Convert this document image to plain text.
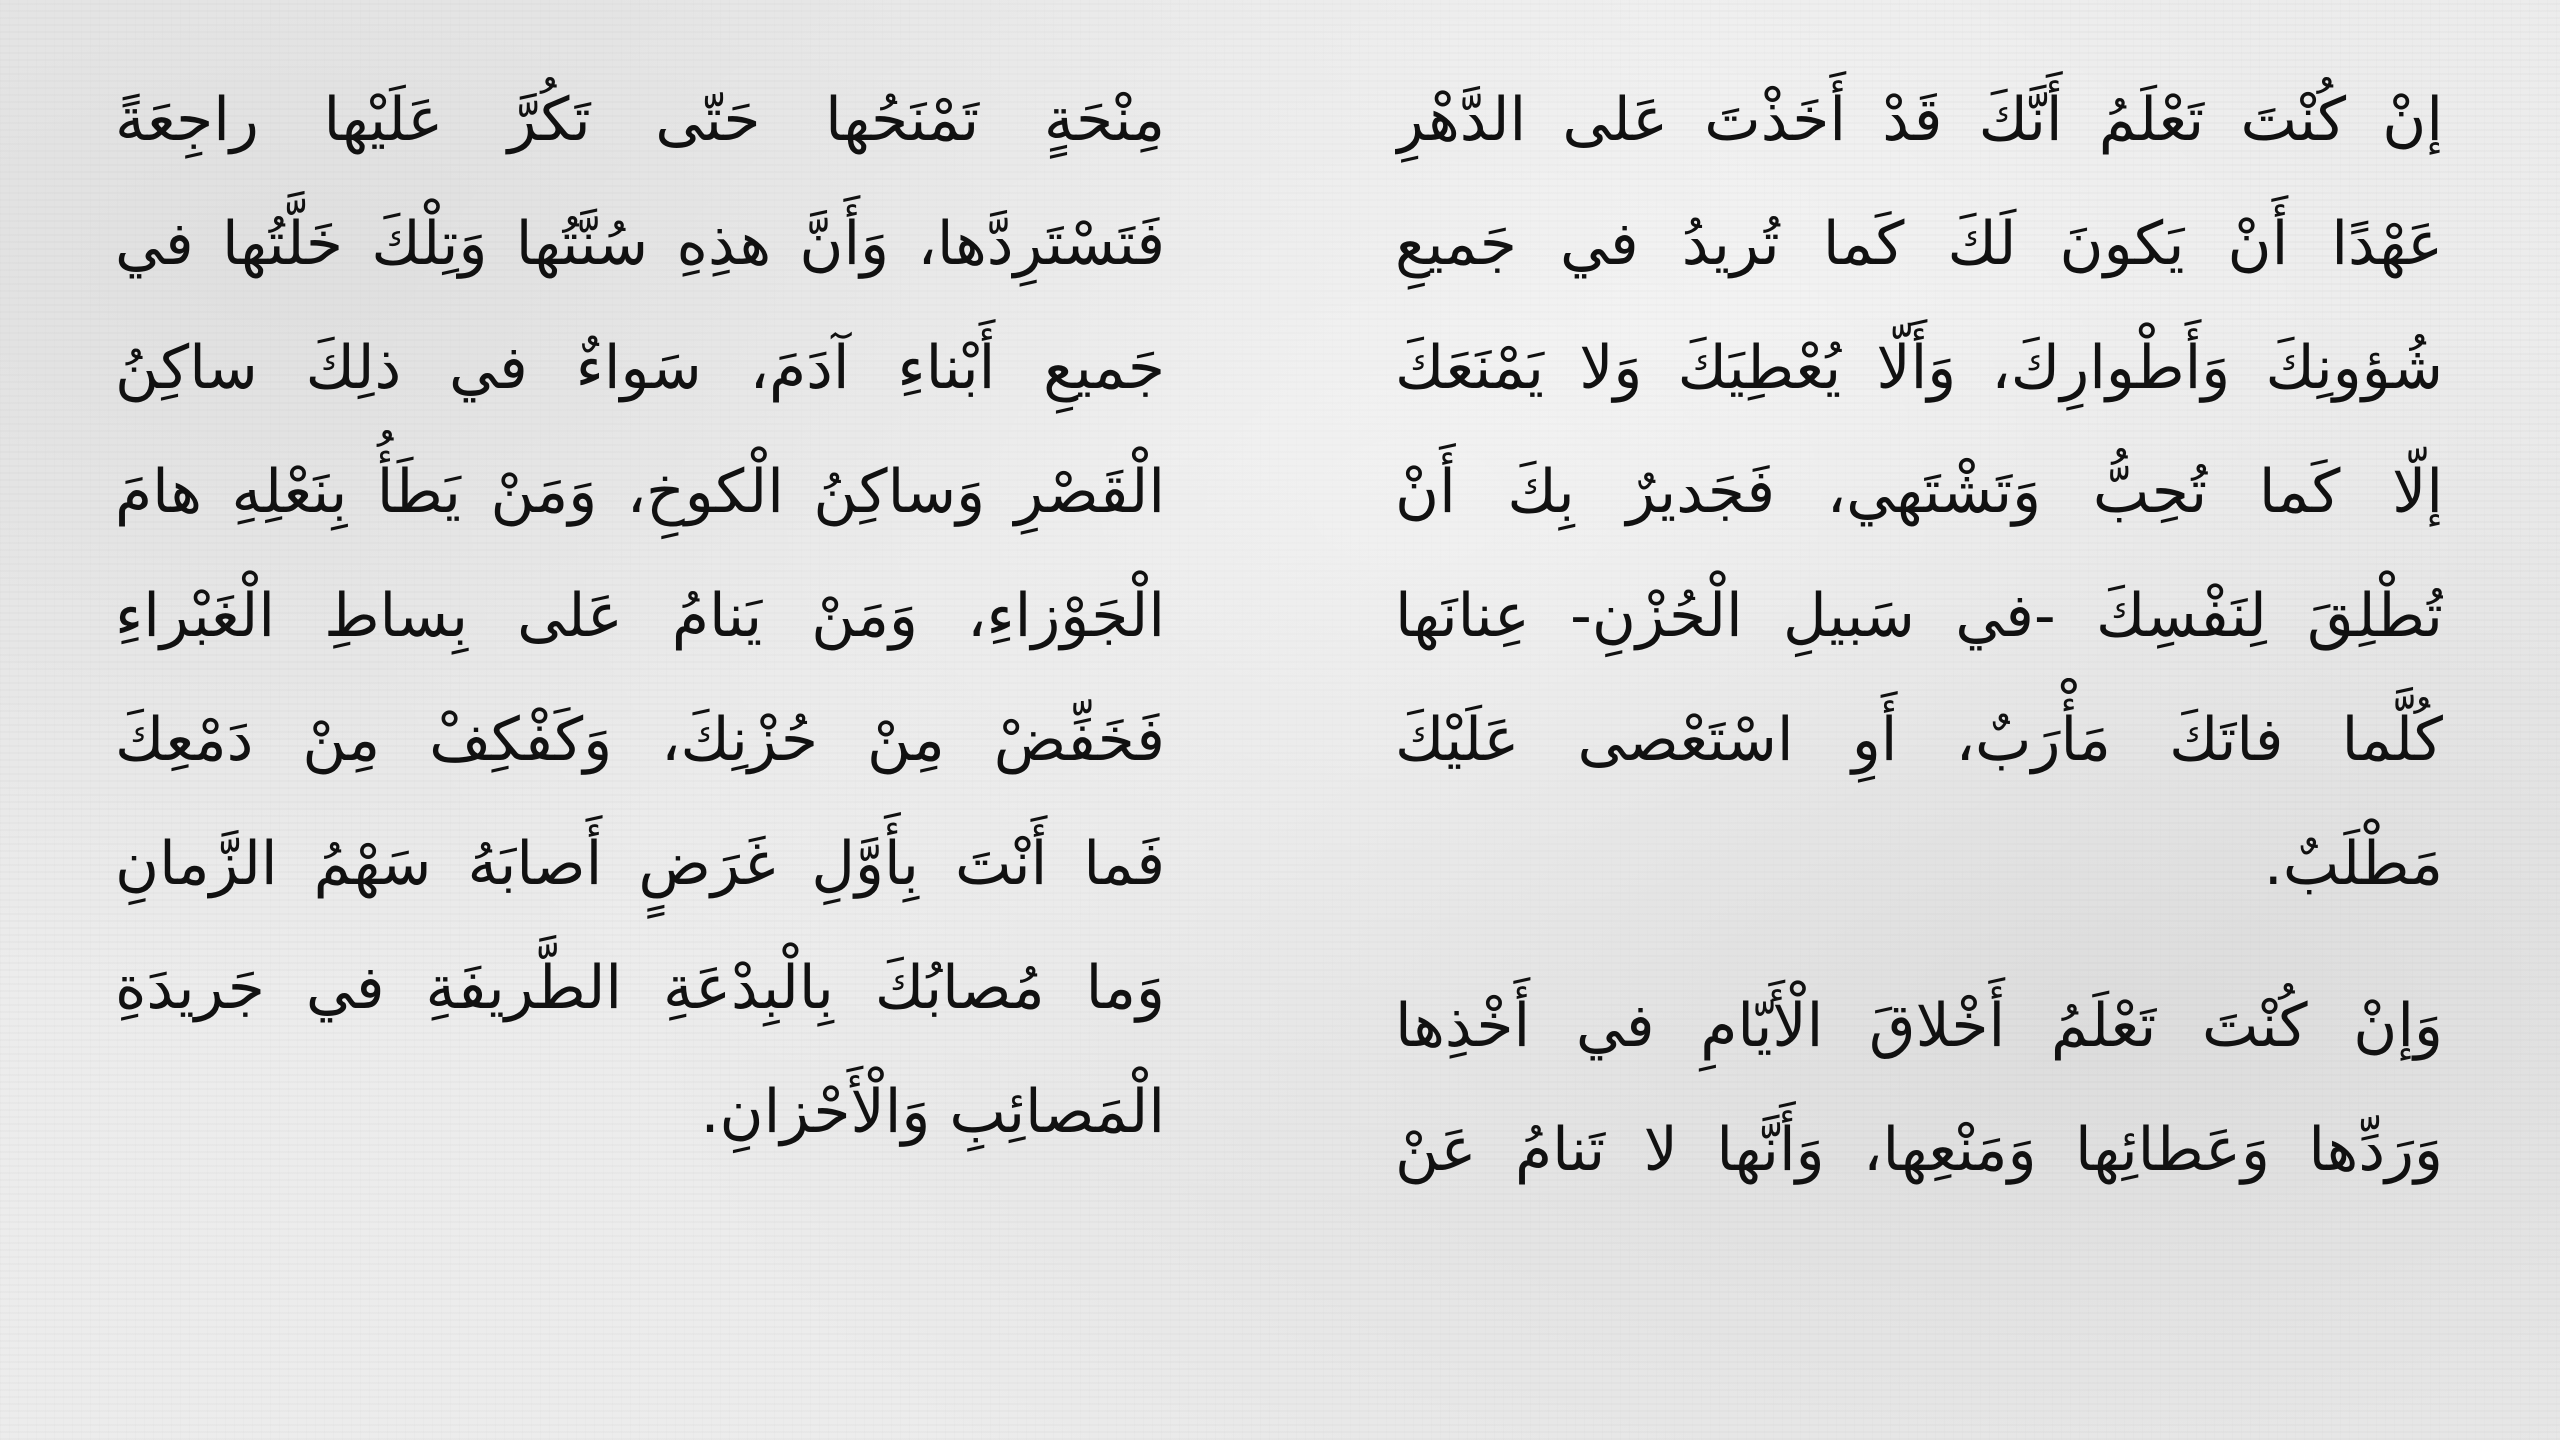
إنْ كُنْتَ تَعْلَمُ أَنَّكَ قَدْ أَخَذْتَ عَلى الدَّهْرِ
عَهْدًا أَنْ يَكونَ لَكَ كَما تُريدُ في جَميعِ
شُؤونِكَ وَأَطْوارِكَ، وَأَلّا يُعْطِيَكَ وَلا يَمْنَعَكَ
إلّا كَما تُحِبُّ وَتَشْتَهي، فَجَديرٌ بِكَ أَنْ
تُطْلِقَ لِنَفْسِكَ -في سَبيلِ الْحُزْنِ- عِنانَها
كُلَّما فاتَكَ مَأْرَبٌ، أَوِ اسْتَعْصى عَلَيْكَ
مَطْلَبٌ.
وَإنْ كُنْتَ تَعْلَمُ أَخْلاقَ الْأَيّامِ في أَخْذِها
وَرَدِّها وَعَطائِها وَمَنْعِها، وَأَنَّها لا تَنامُ عَنْ
مِنْحَةٍ تَمْنَحُها حَتّى تَكُرَّ عَلَيْها راجِعَةً
فَتَسْتَرِدَّها، وَأَنَّ هذِهِ سُنَّتُها وَتِلْكَ خَلَّتُها في
جَميعِ أَبْناءِ آدَمَ، سَواءٌ في ذلِكَ ساكِنُ
الْقَصْرِ وَساكِنُ الْكوخِ، وَمَنْ يَطَأُ بِنَعْلِهِ هامَ
الْجَوْزاءِ، وَمَنْ يَنامُ عَلى بِساطِ الْغَبْراءِ
فَخَفِّضْ مِنْ حُزْنِكَ، وَكَفْكِفْ مِنْ دَمْعِكَ
فَما أَنْتَ بِأَوَّلِ غَرَضٍ أَصابَهُ سَهْمُ الزَّمانِ
وَما مُصابُكَ بِالْبِدْعَةِ الطَّريفَةِ في جَريدَةِ
الْمَصائِبِ وَالْأَحْزانِ.
